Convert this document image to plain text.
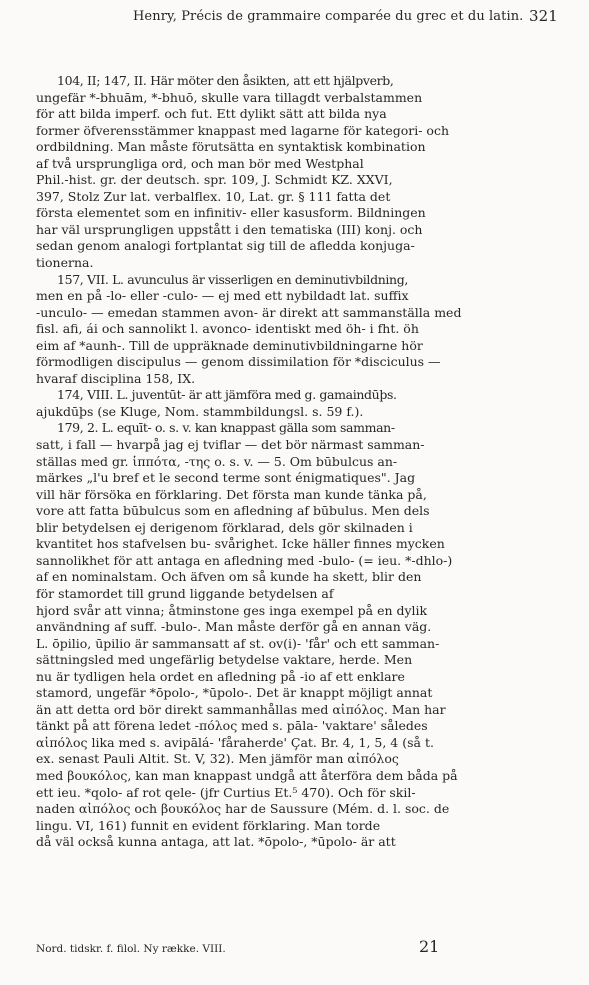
Henry, Précis de grammaire comparée du grec et du latin. 321

104, II; 147, II. Här möter den åsikten, att ett hjälpverb,
ungefär *-bhuām, *-bhuō, skulle vara tillagdt verbalstammen
för att bilda imperf. och fut. Ett dylikt sätt att bilda nya
former öfverensstämmer knappast med lagarne för kategori- och
ordbildning. Man måste förutsätta en syntaktisk kombination
af två ursprungliga ord, och man bör med Westphal
Phil.-hist. gr. der deutsch. spr. 109, J. Schmidt KZ. XXVI,
397, Stolz Zur lat. verbalflex. 10, Lat. gr. § 111 fatta det
första elementet som en infinitiv- eller kasusform. Bildningen
har väl ursprungligen uppstått i den tematiska (III) konj. och
sedan genom analogi fortplantat sig till de afledda konjuga-
tionerna.

157, VII. L. avunculus är visserligen en deminutivbildning,
men en på -lo- eller -culo- — ej med ett nybildadt lat. suffix
-unculo- — emedan stammen avon- är direkt att sammanställa med
fisl. afi, ái och sannolikt l. avonco- identiskt med öh- i fht. öh
eim af *aunh-. Till de uppräknade deminutivbildningarne hör
förmodligen discipulus — genom dissimilation för *disciculus —
hvaraf disciplina 158, IX.

174, VIII. L. juventūt- är att jämföra med g. gamaindūþs.
ajukdūþs (se Kluge, Nom. stammbildungsl. s. 59 f.).

179, 2. L. equīt- o. s. v. kan knappast gälla som samman-
satt, i fall — hvarpå jag ej tviflar — det bör närmast samman-
ställas med gr. ἱππότα, -της o. s. v. — 5. Om būbulcus an-
märkes „l'u bref et le second terme sont énigmatiques". Jag
vill här försöka en förklaring. Det första man kunde tänka på,
vore att fatta būbulcus som en afledning af būbulus. Men dels
blir betydelsen ej derigenom förklarad, dels gör skilnaden i
kvantitet hos stafvelsen bu- svårighet. Icke häller finnes mycken
sannolikhet för att antaga en afledning med -bulo- (= ieu. *-dhlo-)
af en nominalstam. Och äfven om så kunde ha skett, blir den
för stamordet till grund liggande betydelsen af
hjord svår att vinna; åtminstone ges inga exempel på en dylik
användning af suff. -bulo-. Man måste derför gå en annan väg.
L. ōpilio, ūpilio är sammansatt af st. ov(i)- 'får' och ett samman-
sättningsled med ungefärlig betydelse vaktare, herde. Men
nu är tydligen hela ordet en afledning på -io af ett enklare
stamord, ungefär *ōpolo-, *ūpolo-. Det är knappt möjligt annat
än att detta ord bör direkt sammanhållas med αἰπόλος. Man har
tänkt på att förena ledet -πόλος med s. pāla- 'vaktare' således
αἰπόλος lika med s. avipālá- 'fåraherde' Ç̣at. Br. 4, 1, 5, 4 (så t.
ex. senast Pauli Altit. St. V, 32). Men jämför man αἰπόλος
med βουκόλος, kan man knappast undgå att återföra dem båda på
ett ieu. *qolo- af rot qele- (jfr Curtius Et.⁵ 470). Och för skil-
naden αἰπόλος och βουκόλος har de Saussure (Mém. d. l. soc. de
lingu. VI, 161) funnit en evident förklaring. Man torde
då väl också kunna antaga, att lat. *ōpolo-, *ūpolo- är att

Nord. tidskr. f. filol. Ny række. VIII.	21
